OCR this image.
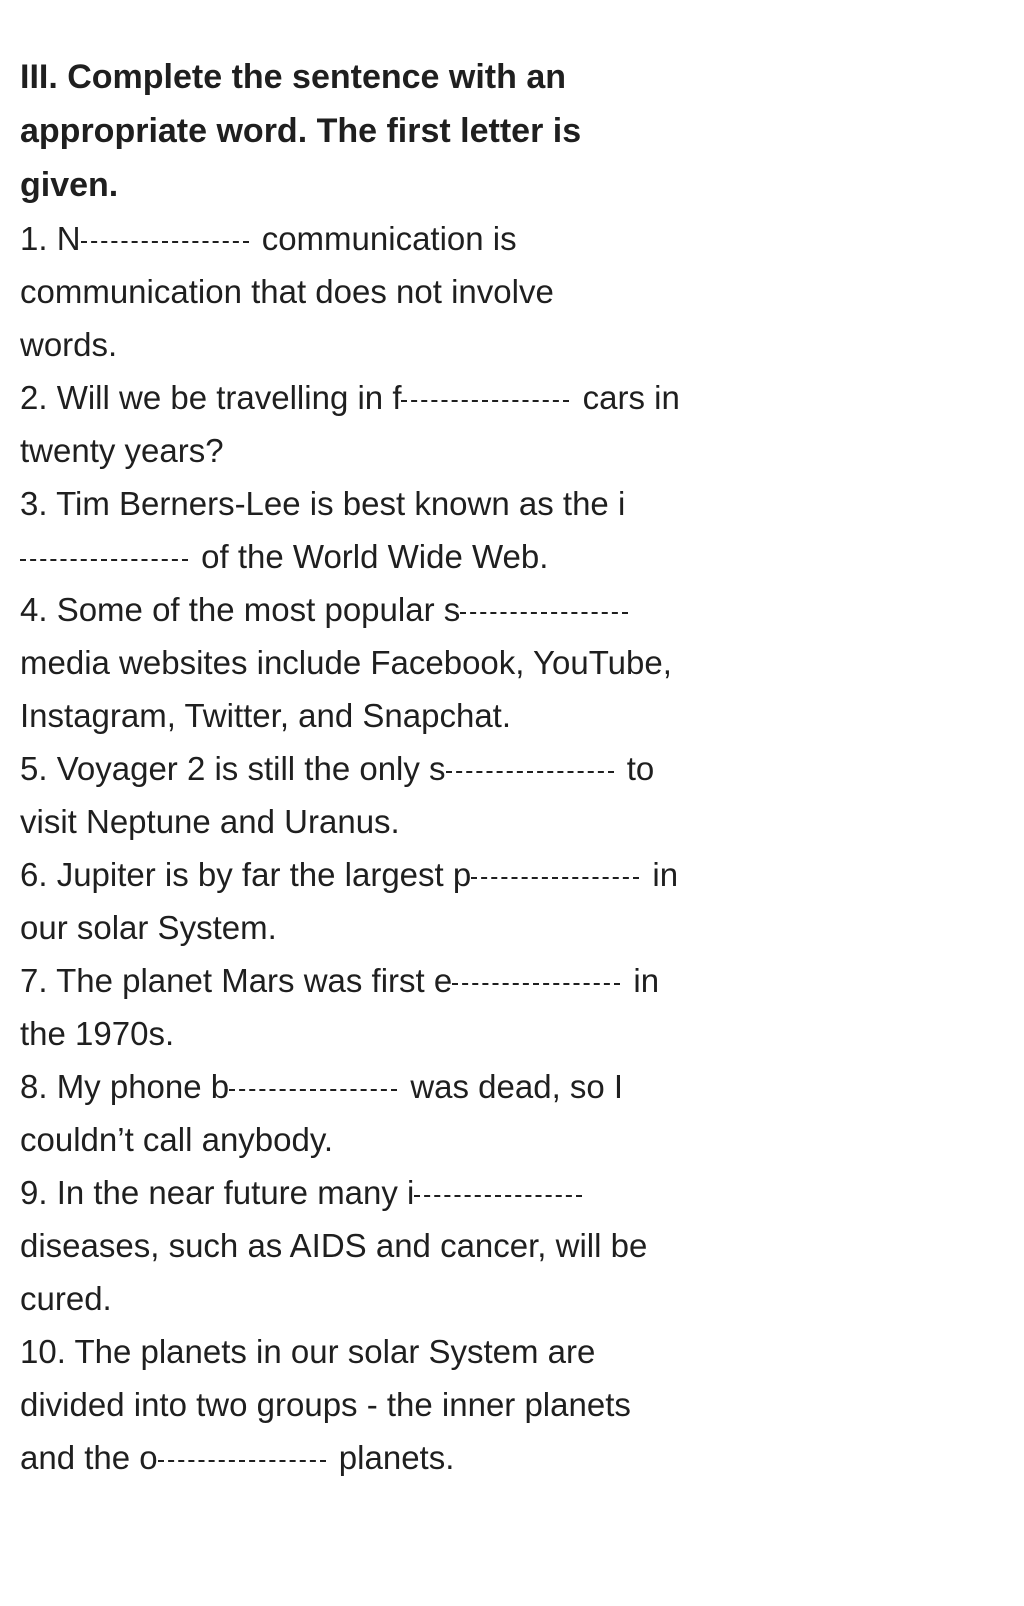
III. Complete the sentence with an appropriate word. The first letter is given.

1. N	communication is communication that does not involve words.

2. Will we be travelling in f	cars in twenty years?

3. Tim Berners-Lee is best known as the i of the World Wide Web.

4. Some of the most popular s media websites include Facebook, YouTube, Instagram, Twitter, and Snapchat.

5. Voyager 2 is still the only s	to visit Neptune and Uranus.

6. Jupiter is by far the largest p	in our solar System.

7. The planet Mars was first e	in the 1970s.

8. My phone b	was dead, so I couldn’t call anybody.

9. In the near future many i diseases, such as AIDS and cancer, will be cured.

10. The planets in our solar System are divided into two groups - the inner planets and the o	planets.
